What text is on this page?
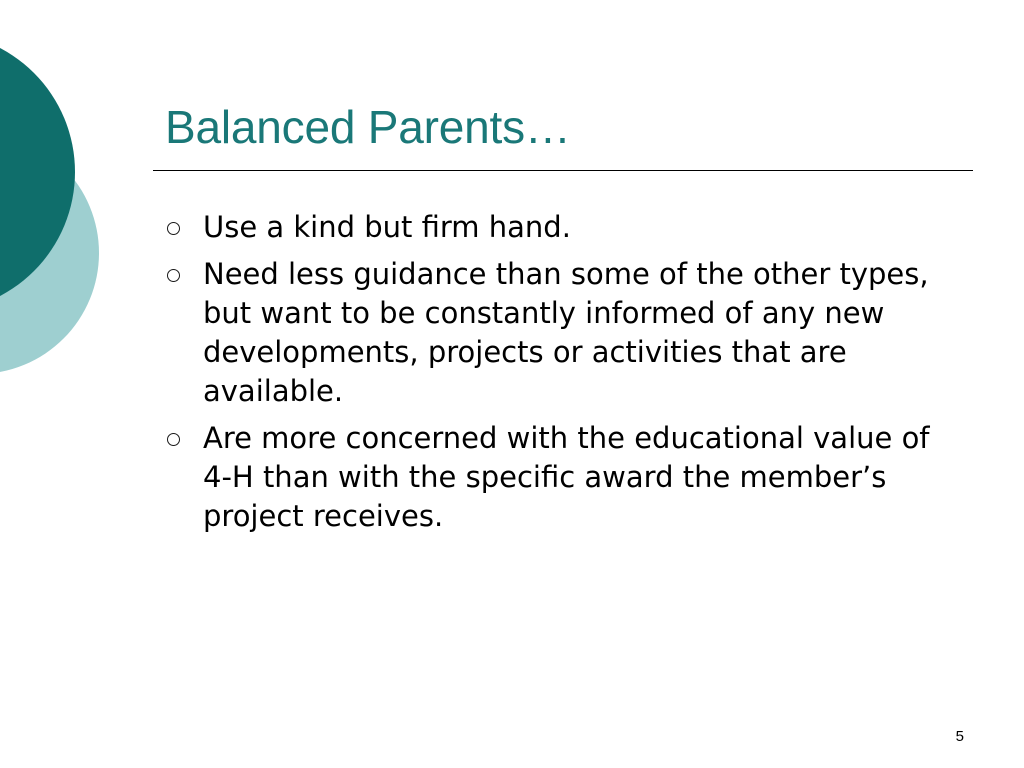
Balanced Parents…
Use a kind but firm hand.
Need less guidance than some of the other types, but want to be constantly informed of any new developments, projects or activities that are available.
Are more concerned with the educational value of 4-H than with the specific award the member’s project receives.
5
